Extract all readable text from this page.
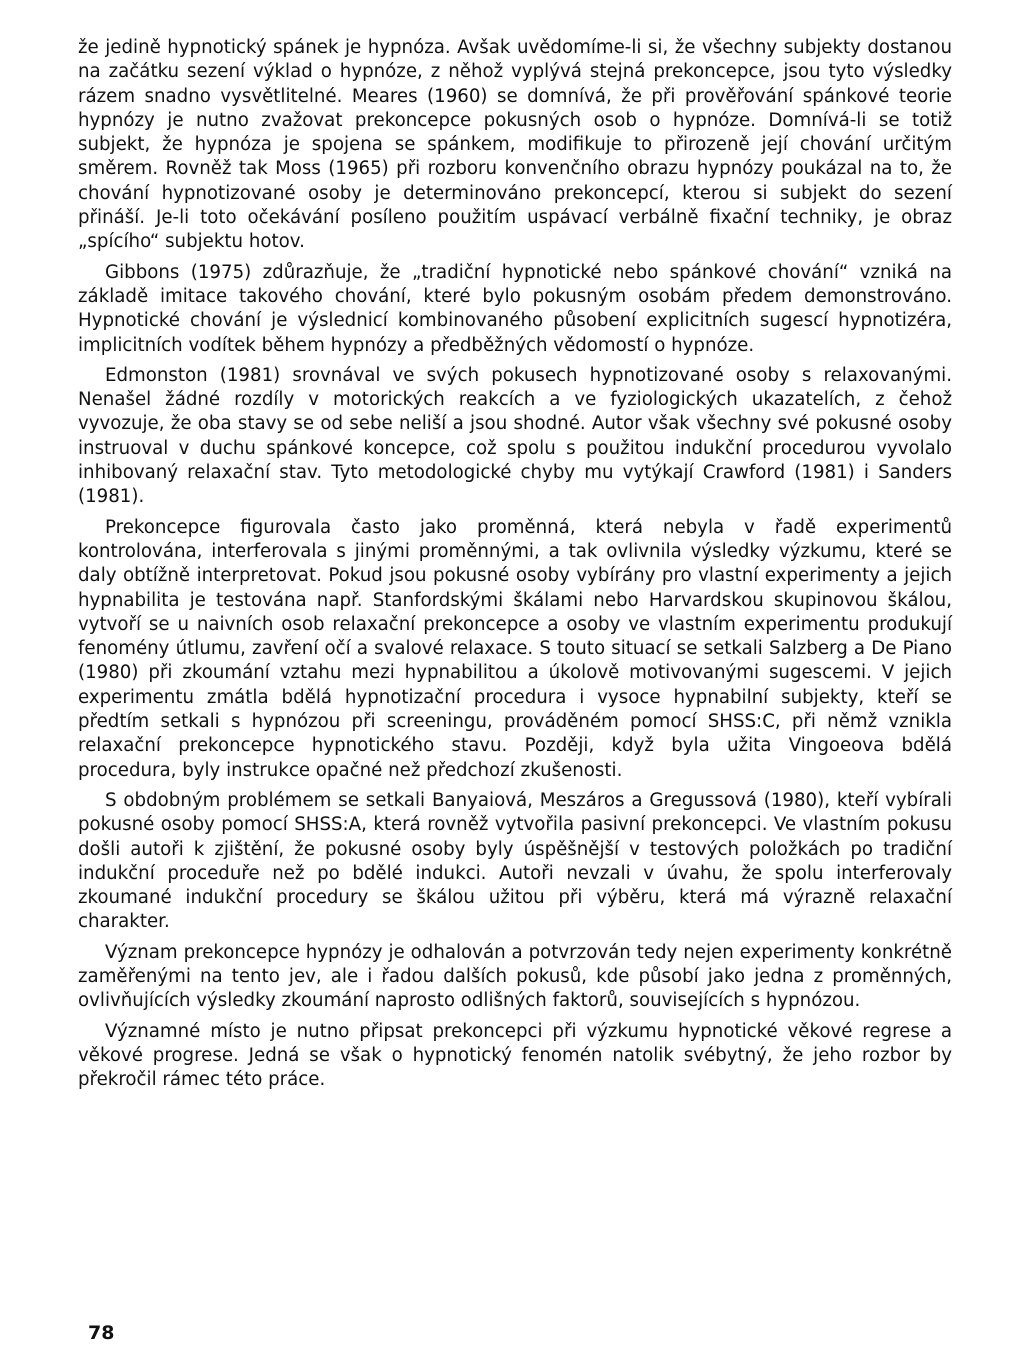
že jedině hypnotický spánek je hypnóza. Avšak uvědomíme-li si, že všechny subjekty dostanou na začátku sezení výklad o hypnóze, z něhož vyplývá stejná prekoncepce, jsou tyto výsledky rázem snadno vysvětlitelné. Meares (1960) se domnívá, že při prověřování spánkové teorie hypnózy je nutno zvažovat prekoncepce pokusných osob o hypnóze. Domnívá-li se totiž subjekt, že hypnóza je spojena se spánkem, modifikuje to přirozeně její chování určitým směrem. Rovněž tak Moss (1965) při rozboru konvenčního obrazu hypnózy poukázal na to, že chování hypnotizované osoby je determinováno prekoncepcí, kterou si subjekt do sezení přináší. Je-li toto očekávání posíleno použitím uspávací verbálně fixační techniky, je obraz „spícího“ subjektu hotov.

Gibbons (1975) zdůrazňuje, že „tradiční hypnotické nebo spánkové chování“ vzniká na základě imitace takového chování, které bylo pokusným osobám předem demonstrováno. Hypnotické chování je výslednicí kombinovaného působení explicitních sugescí hypnotizéra, implicitních vodítek během hypnózy a předběžných vědomostí o hypnóze.

Edmonston (1981) srovnával ve svých pokusech hypnotizované osoby s relaxovanými. Nenašel žádné rozdíly v motorických reakcích a ve fyziologických ukazatelích, z čehož vyvozuje, že oba stavy se od sebe neliší a jsou shodné. Autor však všechny své pokusné osoby instruoval v duchu spánkové koncepce, což spolu s použitou indukční procedurou vyvolalo inhibovaný relaxační stav. Tyto metodologické chyby mu vytýkají Crawford (1981) i Sanders (1981).

Prekoncepce figurovala často jako proměnná, která nebyla v řadě experimentů kontrolována, interferovala s jinými proměnnými, a tak ovlivnila výsledky výzkumu, které se daly obtížně interpretovat. Pokud jsou pokusné osoby vybírány pro vlastní experimenty a jejich hypnabilita je testována např. Stanfordskými škálami nebo Harvardskou skupinovou škálou, vytvoří se u naivních osob relaxační prekoncepce a osoby ve vlastním experimentu produkují fenomény útlumu, zavření očí a svalové relaxace. S touto situací se setkali Salzberg a De Piano (1980) při zkoumání vztahu mezi hypnabilitou a úkolově motivovanými sugescemi. V jejich experimentu zmátla bdělá hypnotizační procedura i vysoce hypnabilní subjekty, kteří se předtím setkali s hypnózou při screeningu, prováděném pomocí SHSS:C, při němž vznikla relaxační prekoncepce hypnotického stavu. Později, když byla užita Vingoeova bdělá procedura, byly instrukce opačné než předchozí zkušenosti.

S obdobným problémem se setkali Banyaiová, Meszáros a Gregussová (1980), kteří vybírali pokusné osoby pomocí SHSS:A, která rovněž vytvořila pasivní prekoncepci. Ve vlastním pokusu došli autoři k zjištění, že pokusné osoby byly úspěšnější v testových položkách po tradiční indukční proceduře než po bdělé indukci. Autoři nevzali v úvahu, že spolu interferovaly zkoumané indukční procedury se škálou užitou při výběru, která má výrazně relaxační charakter.

Význam prekoncepce hypnózy je odhalován a potvrzován tedy nejen experimenty konkrétně zaměřenými na tento jev, ale i řadou dalších pokusů, kde působí jako jedna z proměnných, ovlivňujících výsledky zkoumání naprosto odlišných faktorů, souvisejících s hypnózou.

Významné místo je nutno připsat prekoncepci při výzkumu hypnotické věkové regrese a věkové progrese. Jedná se však o hypnotický fenomén natolik svébytný, že jeho rozbor by překročil rámec této práce.

78
